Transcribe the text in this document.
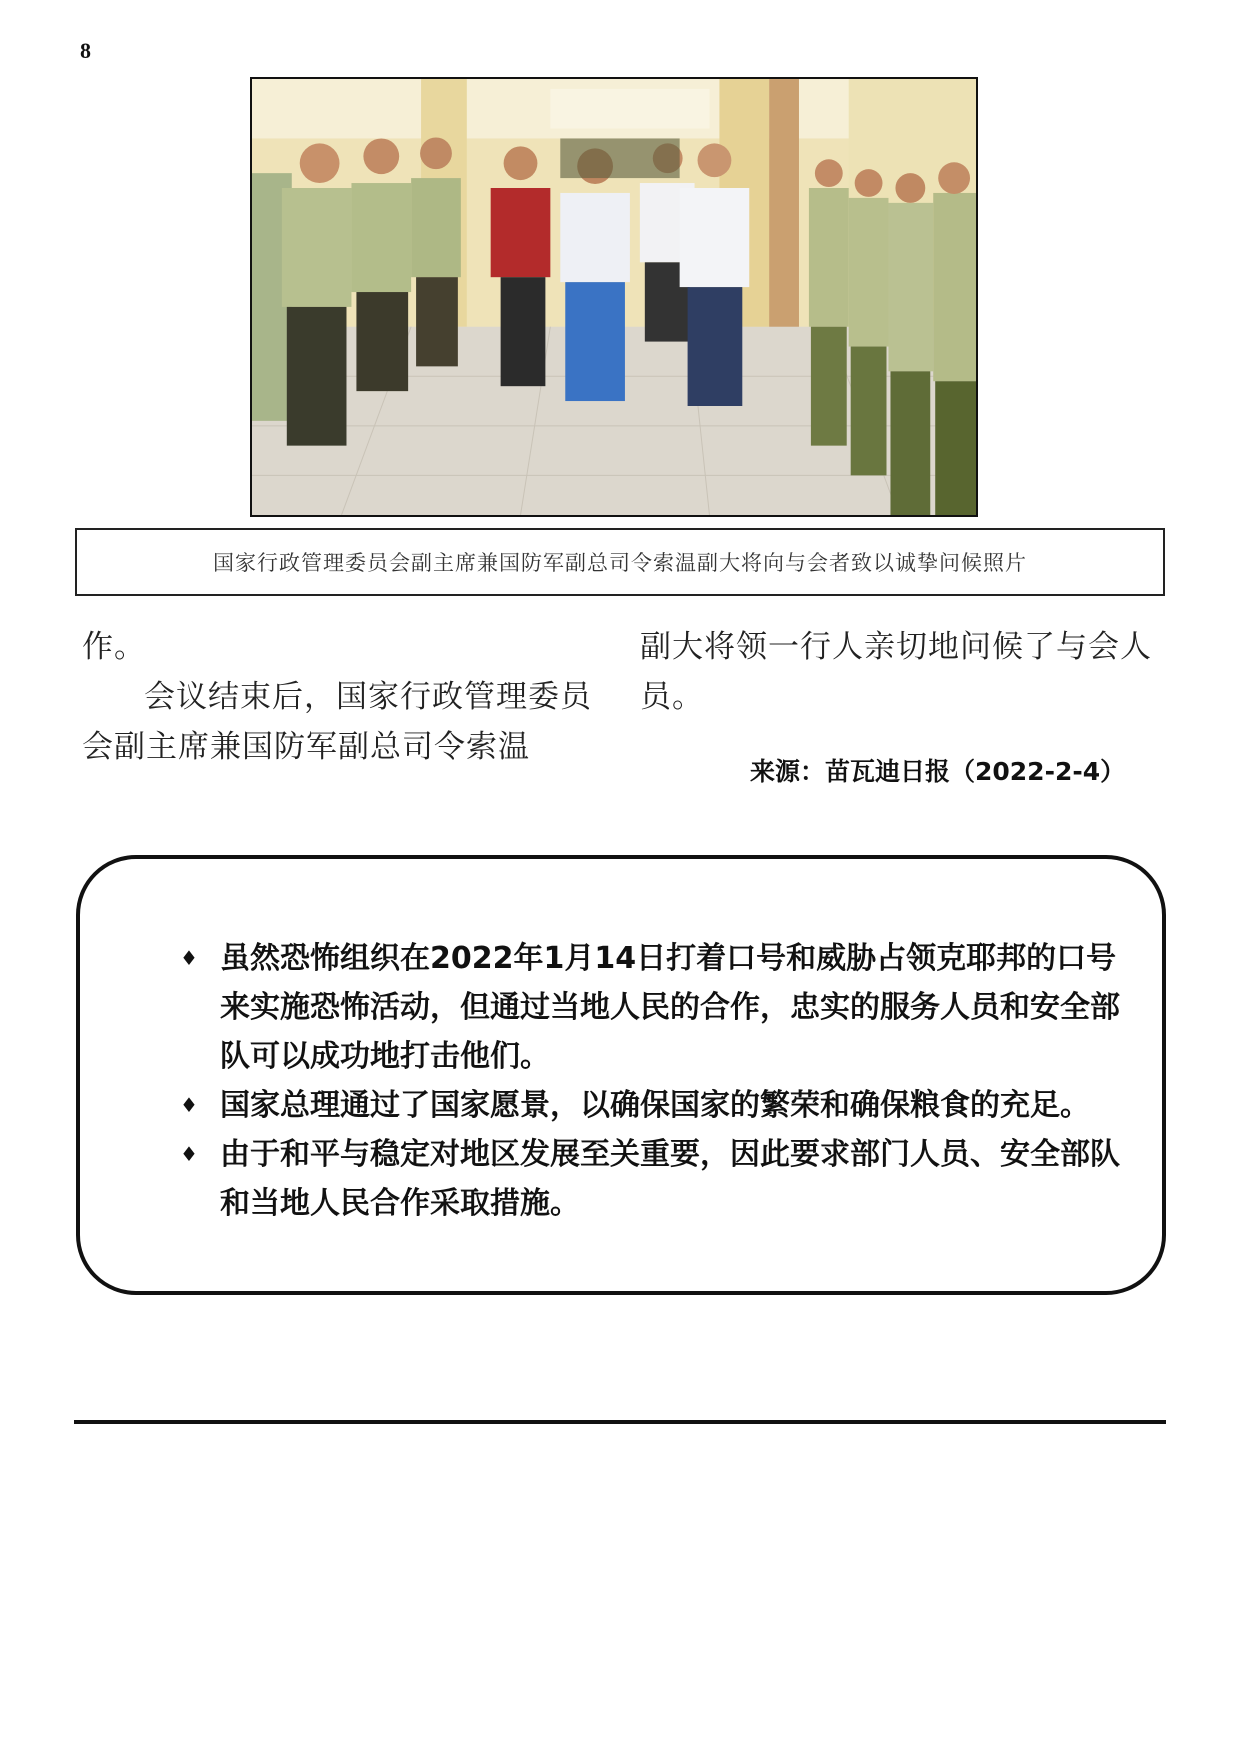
8
国家行政管理委员会副主席兼国防军副总司令索温副大将向与会者致以诚挚问候照片

作。

会议结束后，国家行政管理委员会副主席兼国防军副总司令索温

副大将领一行人亲切地问候了与会人员。

来源：苗瓦迪日报（2022-2-4）
♦
虽然恐怖组织在2022年1月14日打着口号和威胁占领克耶邦的口号来实施恐怖活动，但通过当地人民的合作，忠实的服务人员和安全部队可以成功地打击他们。
♦
国家总理通过了国家愿景，以确保国家的繁荣和确保粮食的充足。
♦
由于和平与稳定对地区发展至关重要，因此要求部门人员、安全部队和当地人民合作采取措施。
